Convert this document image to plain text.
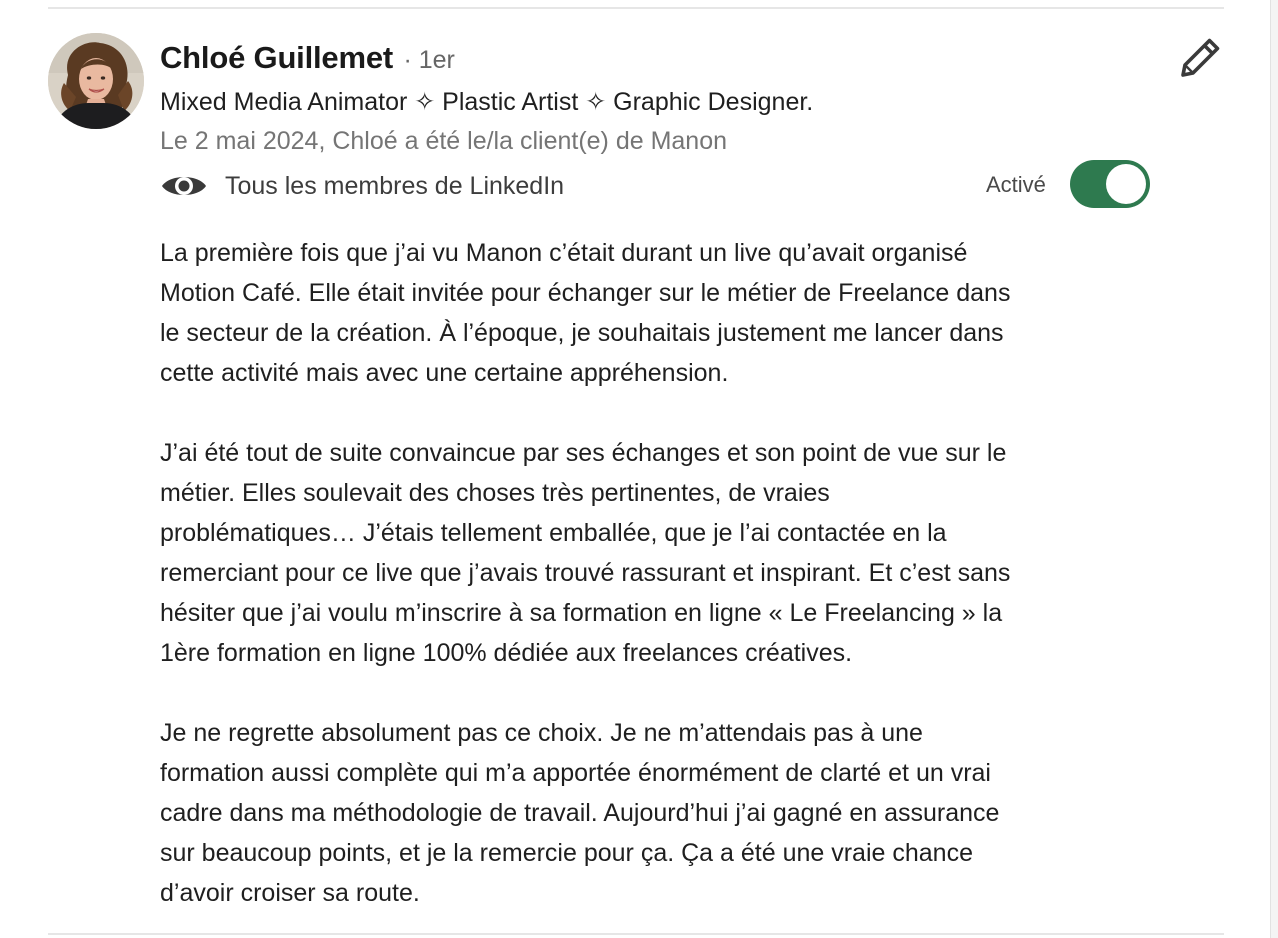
Chloé Guillemet · 1er
Mixed Media Animator ✧ Plastic Artist ✧ Graphic Designer.
Le 2 mai 2024, Chloé a été le/la client(e) de Manon
Tous les membres de LinkedIn	Activé

La première fois que j’ai vu Manon c’était durant un live qu’avait organisé
Motion Café. Elle était invitée pour échanger sur le métier de Freelance dans
le secteur de la création. À l’époque, je souhaitais justement me lancer dans
cette activité mais avec une certaine appréhension.

J’ai été tout de suite convaincue par ses échanges et son point de vue sur le
métier. Elles soulevait des choses très pertinentes, de vraies
problématiques… J’étais tellement emballée, que je l’ai contactée en la
remerciant pour ce live que j’avais trouvé rassurant et inspirant. Et c’est sans
hésiter que j’ai voulu m’inscrire à sa formation en ligne « Le Freelancing » la
1ère formation en ligne 100% dédiée aux freelances créatives.

Je ne regrette absolument pas ce choix. Je ne m’attendais pas à une
formation aussi complète qui m’a apportée énormément de clarté et un vrai
cadre dans ma méthodologie de travail. Aujourd’hui j’ai gagné en assurance
sur beaucoup points, et je la remercie pour ça. Ça a été une vraie chance
d’avoir croiser sa route.
